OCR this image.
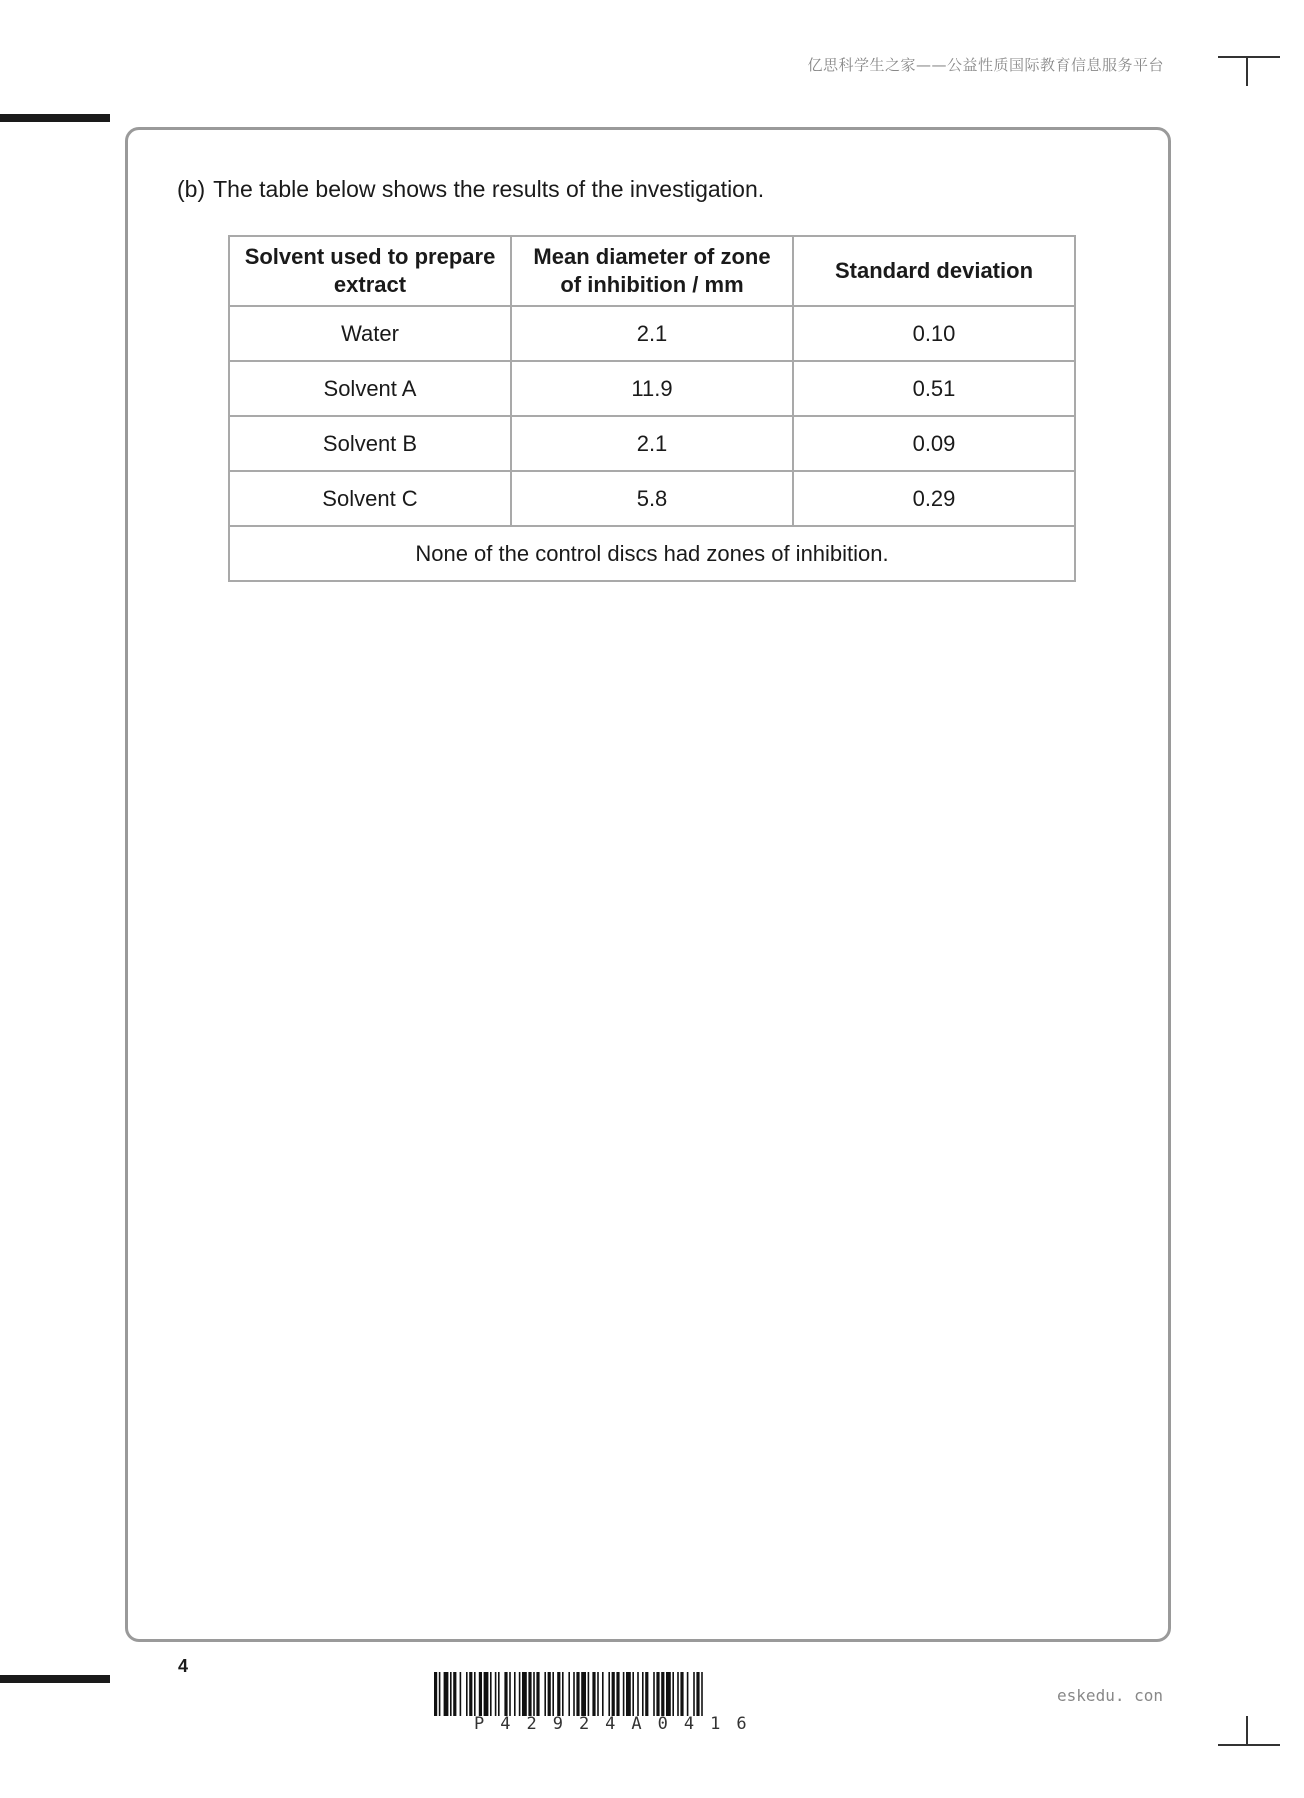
亿思科学生之家——公益性质国际教育信息服务平台
(b) The table below shows the results of the investigation.
Solvent used to prepare extract	Mean diameter of zone of inhibition / mm	Standard deviation
Water	2.1	0.10
Solvent A	11.9	0.51
Solvent B	2.1	0.09
Solvent C	5.8	0.29
None of the control discs had zones of inhibition.		
4
P42924A0416
eskedu. con
